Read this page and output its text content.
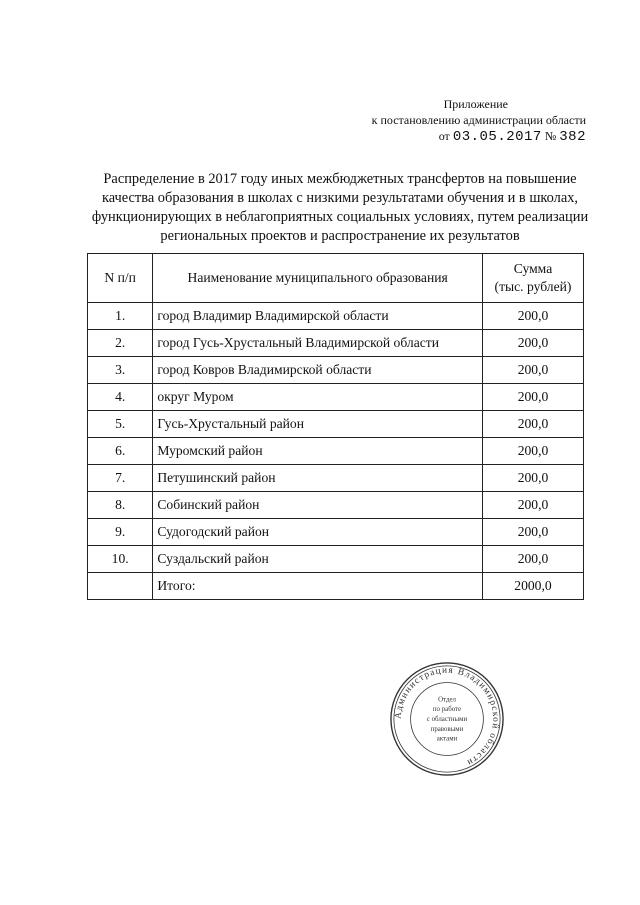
Приложение
к постановлению администрации области
от 03.05.2017 № 382
Распределение в 2017 году иных межбюджетных трансфертов на повышение качества образования в школах с низкими результатами обучения и в школах, функционирующих в неблагоприятных социальных условиях, путем реализации региональных проектов и распространение их результатов
N п/п	Наименование муниципального образования	Сумма
(тыс. рублей)
1.	город Владимир Владимирской области	200,0
2.	город Гусь-Хрустальный Владимирской области	200,0
3.	город Ковров Владимирской области	200,0
4.	округ Муром	200,0
5.	Гусь-Хрустальный район	200,0
6.	Муромский район	200,0
7.	Петушинский район	200,0
8.	Собинский район	200,0
9.	Судогодский район	200,0
10.	Суздальский район	200,0
	Итого:	2000,0
Администрация Владимирской области
Отдел
по работе
с областными
правовыми
актами
